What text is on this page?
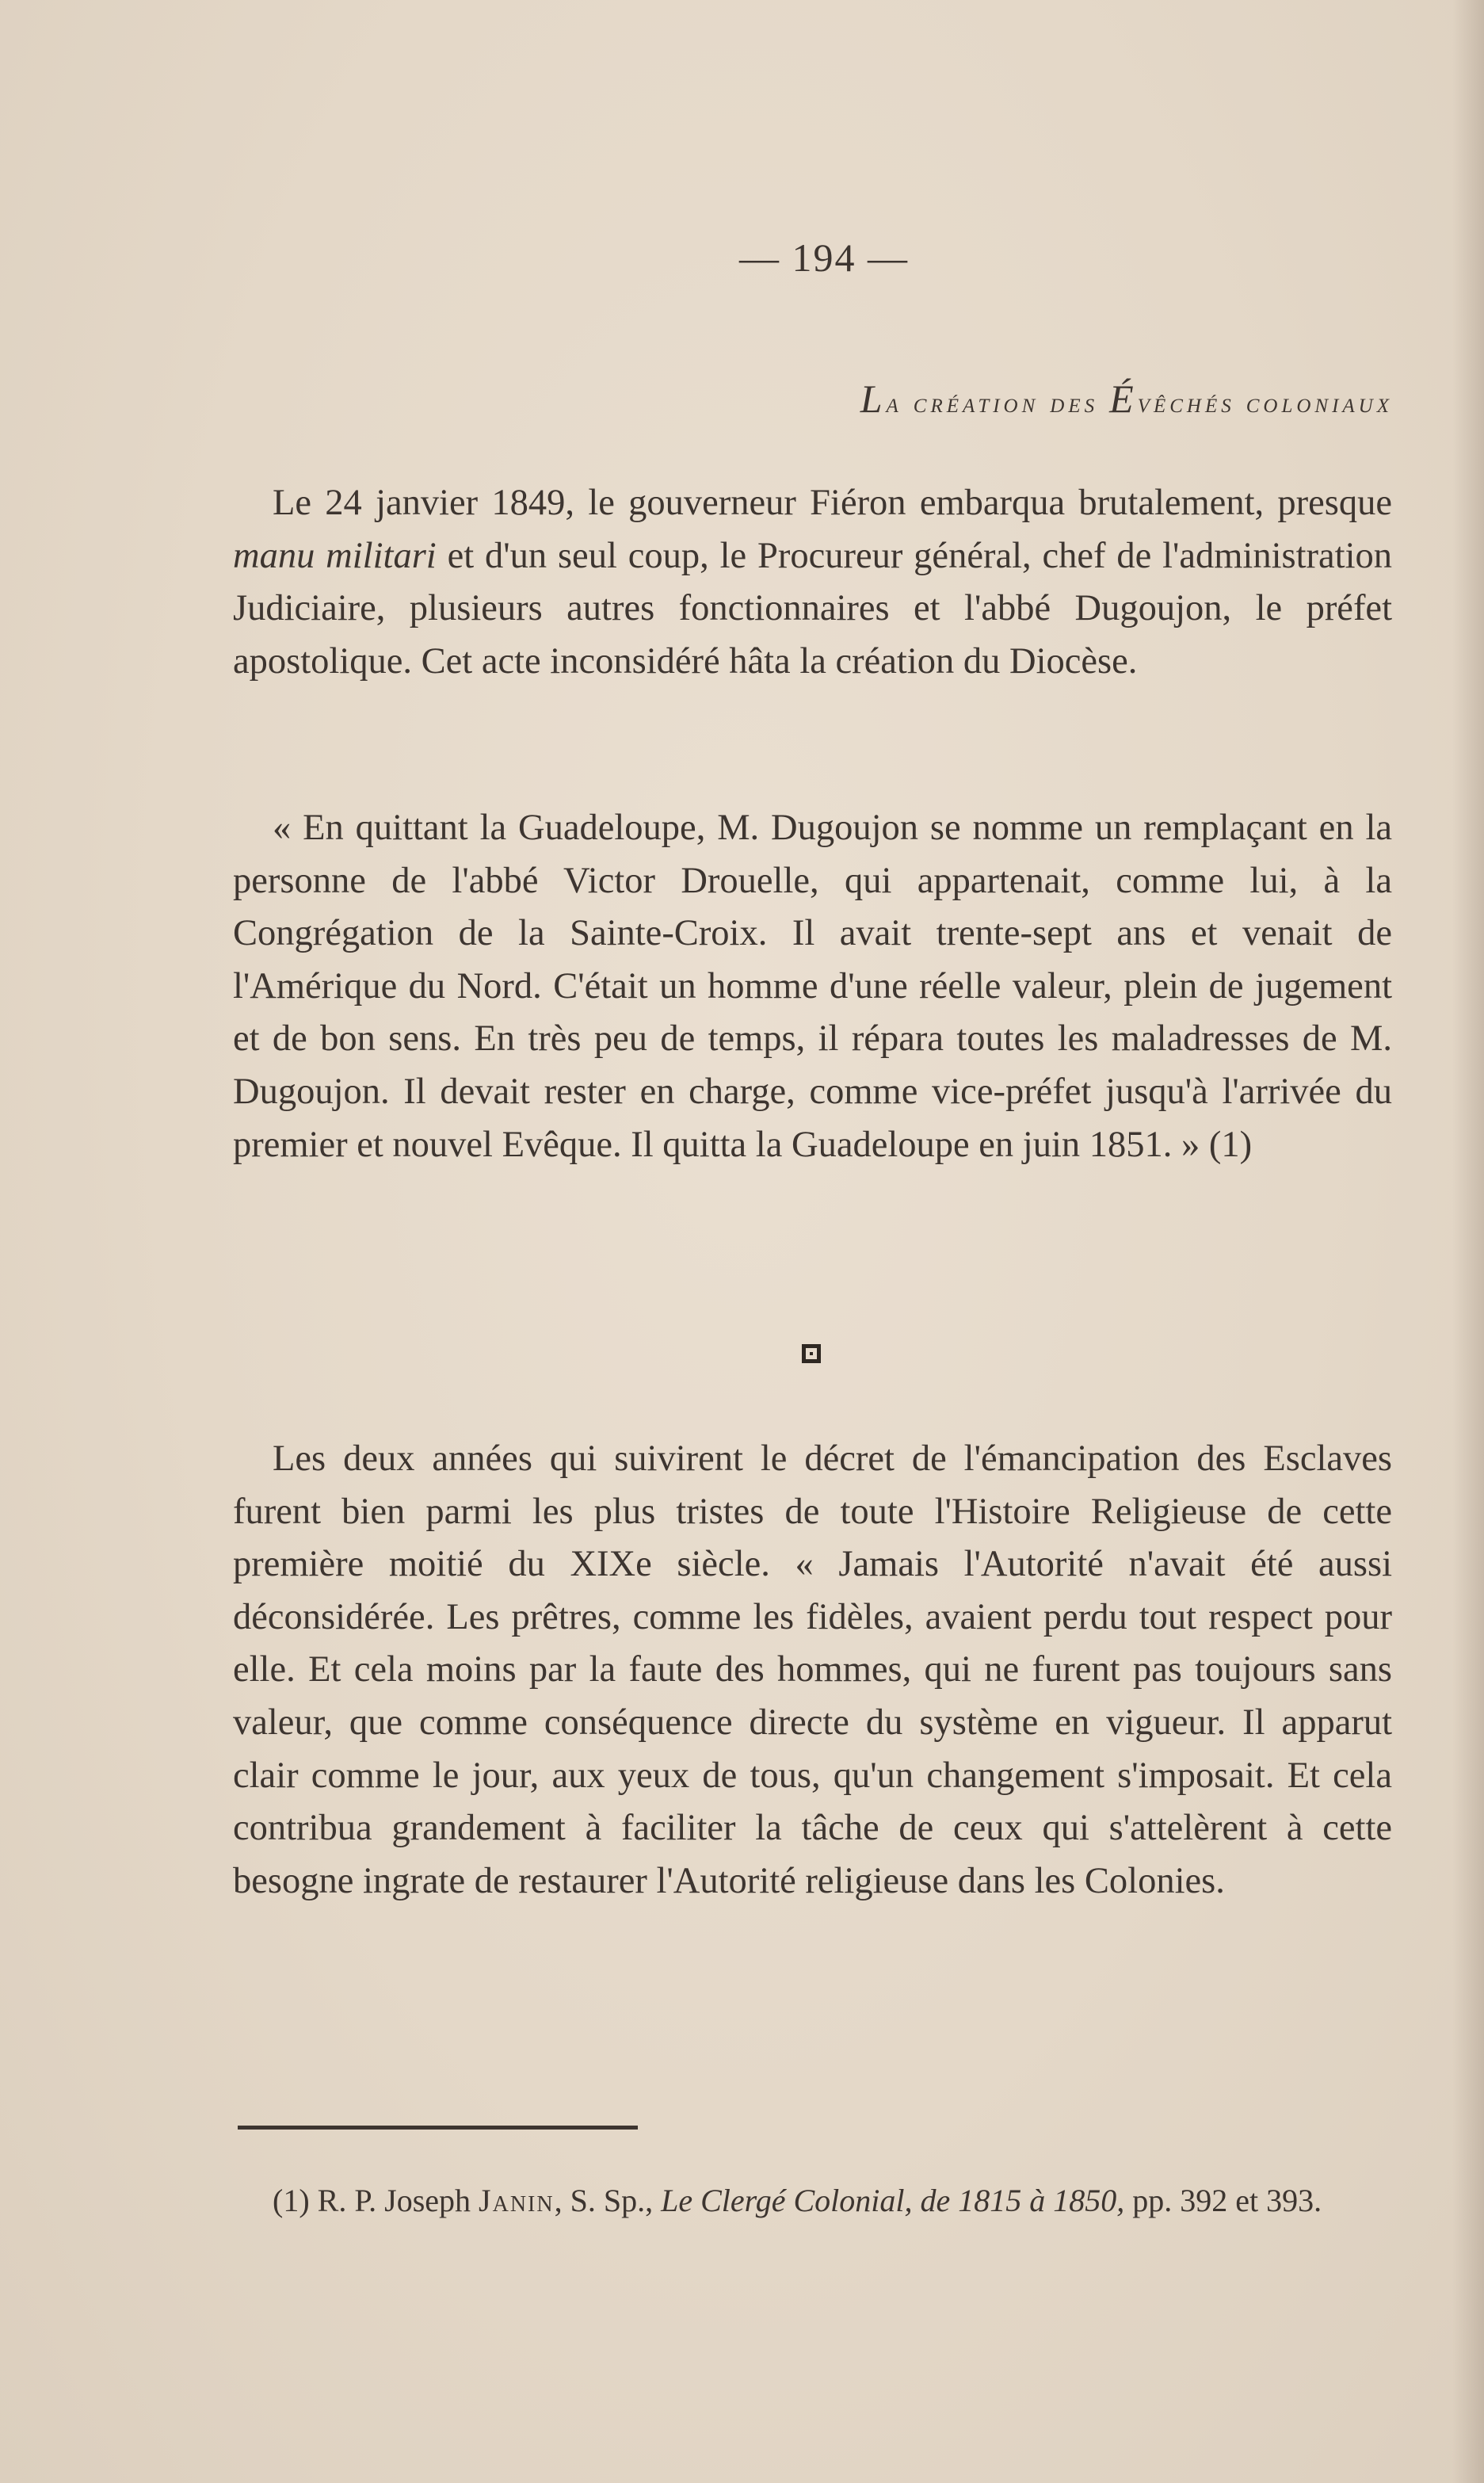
— 194 —
La création des Évêchés coloniaux

Le 24 janvier 1849, le gouverneur Fiéron embarqua brutalement, presque manu militari et d'un seul coup, le Procureur général, chef de l'administration Judiciaire, plusieurs autres fonctionnaires et l'abbé Dugoujon, le préfet apostolique. Cet acte inconsidéré hâta la création du Diocèse.

« En quittant la Guadeloupe, M. Dugoujon se nomme un remplaçant en la personne de l'abbé Victor Drouelle, qui appartenait, comme lui, à la Congrégation de la Sainte-Croix. Il avait trente-sept ans et venait de l'Amérique du Nord. C'était un homme d'une réelle valeur, plein de jugement et de bon sens. En très peu de temps, il répara toutes les maladresses de M. Dugoujon. Il devait rester en charge, comme vice-préfet jusqu'à l'arrivée du premier et nouvel Evêque. Il quitta la Guadeloupe en juin 1851. » (1)

Les deux années qui suivirent le décret de l'émancipation des Esclaves furent bien parmi les plus tristes de toute l'Histoire Religieuse de cette première moitié du XIXe siècle. « Jamais l'Autorité n'avait été aussi déconsidérée. Les prêtres, comme les fidèles, avaient perdu tout respect pour elle. Et cela moins par la faute des hommes, qui ne furent pas toujours sans valeur, que comme conséquence directe du système en vigueur. Il apparut clair comme le jour, aux yeux de tous, qu'un changement s'imposait. Et cela contribua grandement à faciliter la tâche de ceux qui s'attelèrent à cette besogne ingrate de restaurer l'Autorité religieuse dans les Colonies.

(1) R. P. Joseph Janin, S. Sp., Le Clergé Colonial, de 1815 à 1850, pp. 392 et 393.
